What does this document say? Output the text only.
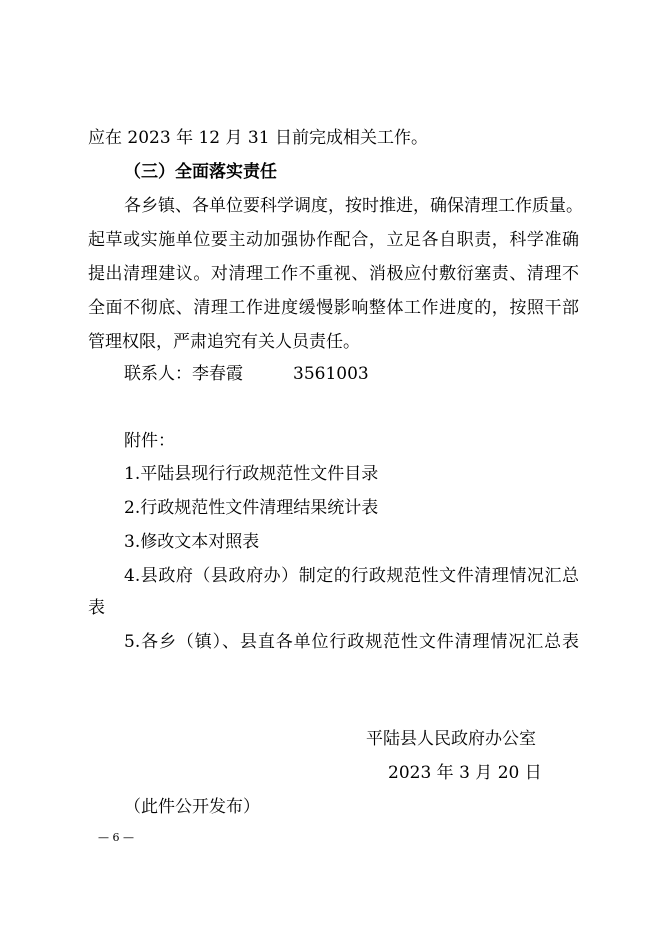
应在 2023 年 12 月 31 日前完成相关工作。
（三）全面落实责任
各乡镇、各单位要科学调度，按时推进，确保清理工作质量。
起草或实施单位要主动加强协作配合，立足各自职责，科学准确
提出清理建议。对清理工作不重视、消极应付敷衍塞责、清理不
全面不彻底、清理工作进度缓慢影响整体工作进度的，按照干部
管理权限，严肃追究有关人员责任。
联系人：李春霞	3561003
附件：
1.平陆县现行行政规范性文件目录
2.行政规范性文件清理结果统计表
3.修改文本对照表
4.县政府（县政府办）制定的行政规范性文件清理情况汇总
表
5.各乡（镇）、县直各单位行政规范性文件清理情况汇总表
平陆县人民政府办公室
2023 年 3 月 20 日
（此件公开发布）
— 6 —
